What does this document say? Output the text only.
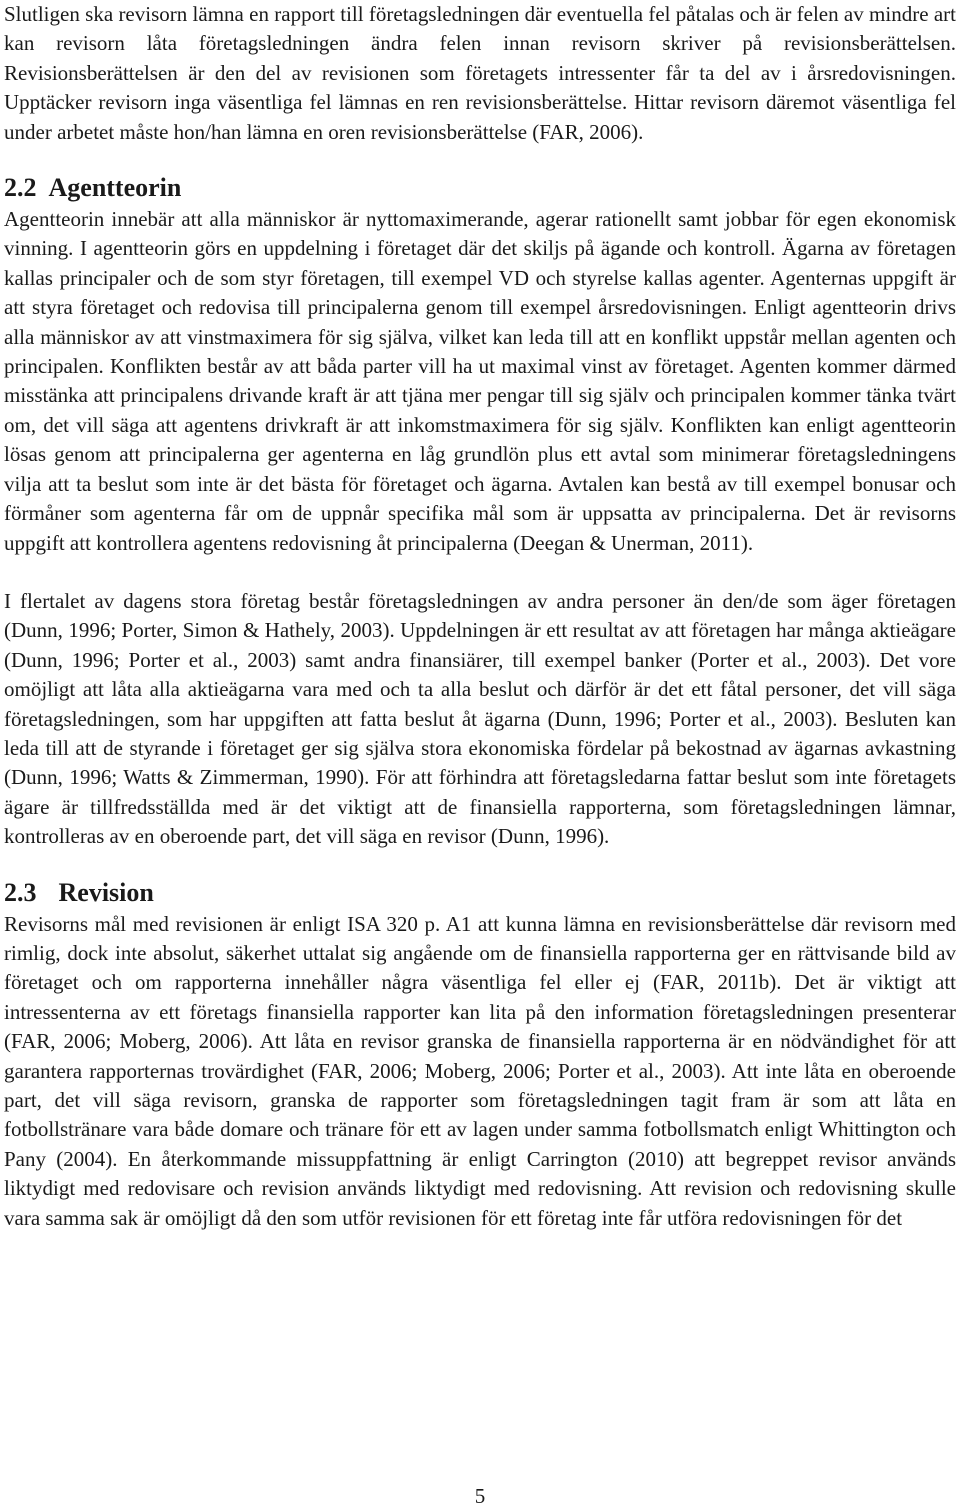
Slutligen ska revisorn lämna en rapport till företagsledningen där eventuella fel påtalas och är felen av mindre art kan revisorn låta företagsledningen ändra felen innan revisorn skriver på revisionsberättelsen. Revisionsberättelsen är den del av revisionen som företagets intressenter får ta del av i årsredovisningen. Upptäcker revisorn inga väsentliga fel lämnas en ren revisionsberättelse. Hittar revisorn däremot väsentliga fel under arbetet måste hon/han lämna en oren revisionsberättelse (FAR, 2006).

2.2 Agentteorin

Agentteorin innebär att alla människor är nyttomaximerande, agerar rationellt samt jobbar för egen ekonomisk vinning. I agentteorin görs en uppdelning i företaget där det skiljs på ägande och kontroll. Ägarna av företagen kallas principaler och de som styr företagen, till exempel VD och styrelse kallas agenter. Agenternas uppgift är att styra företaget och redovisa till principalerna genom till exempel årsredovisningen. Enligt agentteorin drivs alla människor av att vinstmaximera för sig själva, vilket kan leda till att en konflikt uppstår mellan agenten och principalen. Konflikten består av att båda parter vill ha ut maximal vinst av företaget. Agenten kommer därmed misstänka att principalens drivande kraft är att tjäna mer pengar till sig själv och principalen kommer tänka tvärt om, det vill säga att agentens drivkraft är att inkomstmaximera för sig själv. Konflikten kan enligt agentteorin lösas genom att principalerna ger agenterna en låg grundlön plus ett avtal som minimerar företagsledningens vilja att ta beslut som inte är det bästa för företaget och ägarna. Avtalen kan bestå av till exempel bonusar och förmåner som agenterna får om de uppnår specifika mål som är uppsatta av principalerna. Det är revisorns uppgift att kontrollera agentens redovisning åt principalerna (Deegan & Unerman, 2011).

I flertalet av dagens stora företag består företagsledningen av andra personer än den/de som äger företagen (Dunn, 1996; Porter, Simon & Hathely, 2003). Uppdelningen är ett resultat av att företagen har många aktieägare (Dunn, 1996; Porter et al., 2003) samt andra finansiärer, till exempel banker (Porter et al., 2003). Det vore omöjligt att låta alla aktieägarna vara med och ta alla beslut och därför är det ett fåtal personer, det vill säga företagsledningen, som har uppgiften att fatta beslut åt ägarna (Dunn, 1996; Porter et al., 2003). Besluten kan leda till att de styrande i företaget ger sig själva stora ekonomiska fördelar på bekostnad av ägarnas avkastning (Dunn, 1996; Watts & Zimmerman, 1990). För att förhindra att företagsledarna fattar beslut som inte företagets ägare är tillfredsställda med är det viktigt att de finansiella rapporterna, som företagsledningen lämnar, kontrolleras av en oberoende part, det vill säga en revisor (Dunn, 1996).

2.3 Revision

Revisorns mål med revisionen är enligt ISA 320 p. A1 att kunna lämna en revisionsberättelse där revisorn med rimlig, dock inte absolut, säkerhet uttalat sig angående om de finansiella rapporterna ger en rättvisande bild av företaget och om rapporterna innehåller några väsentliga fel eller ej (FAR, 2011b). Det är viktigt att intressenterna av ett företags finansiella rapporter kan lita på den information företagsledningen presenterar (FAR, 2006; Moberg, 2006). Att låta en revisor granska de finansiella rapporterna är en nödvändighet för att garantera rapporternas trovärdighet (FAR, 2006; Moberg, 2006; Porter et al., 2003). Att inte låta en oberoende part, det vill säga revisorn, granska de rapporter som företagsledningen tagit fram är som att låta en fotbollstränare vara både domare och tränare för ett av lagen under samma fotbollsmatch enligt Whittington och Pany (2004). En återkommande missuppfattning är enligt Carrington (2010) att begreppet revisor används liktydigt med redovisare och revision används liktydigt med redovisning. Att revision och redovisning skulle vara samma sak är omöjligt då den som utför revisionen för ett företag inte får utföra redovisningen för det

5
